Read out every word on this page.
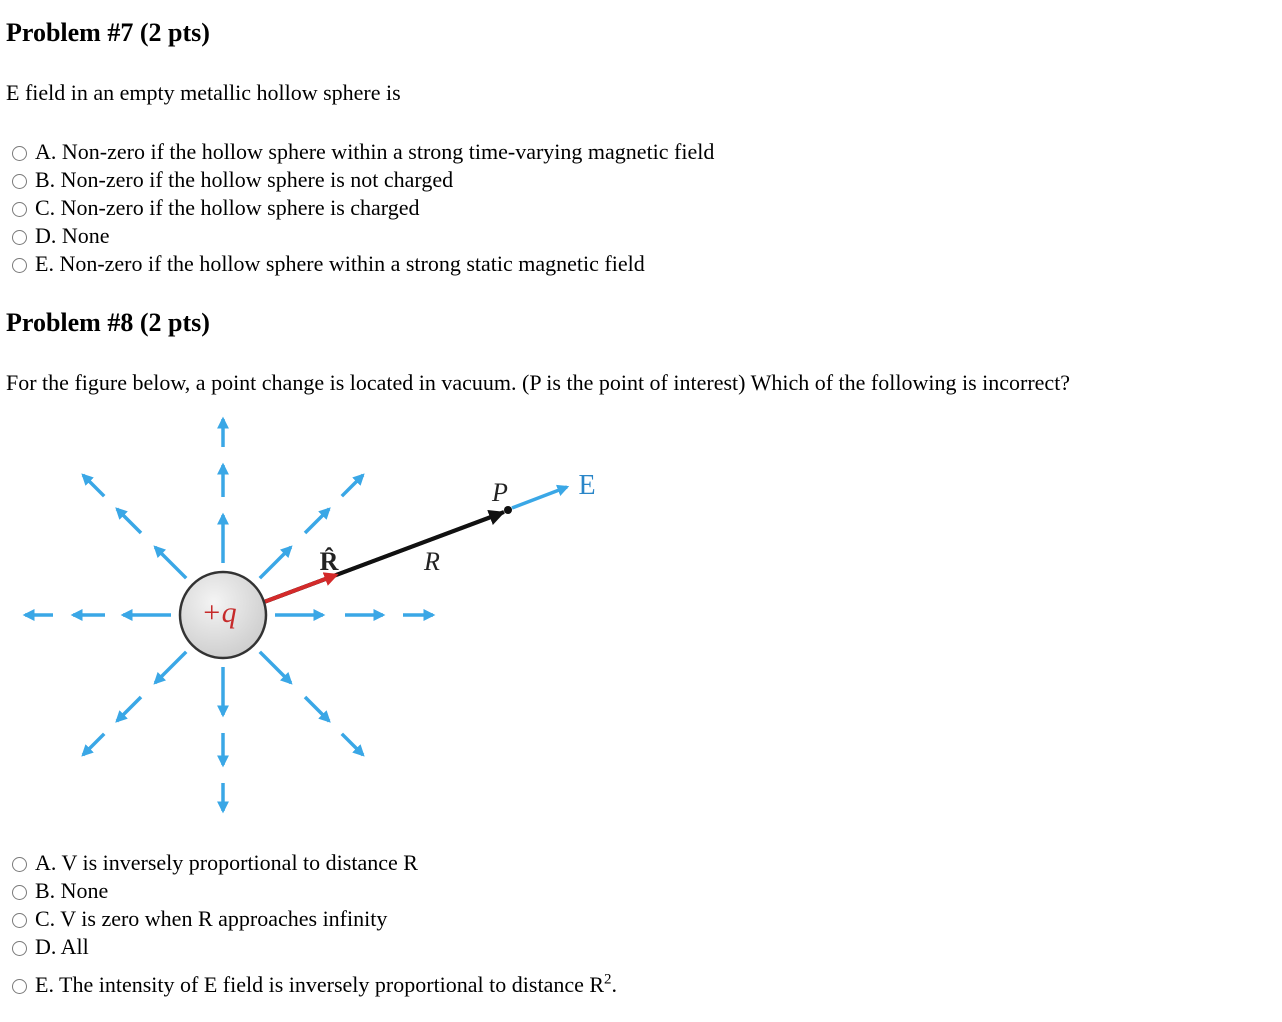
Problem #7 (2 pts)

E field in an empty metallic hollow sphere is

A. Non-zero if the hollow sphere within a strong time-varying magnetic field
B. Non-zero if the hollow sphere is not charged
C. Non-zero if the hollow sphere is charged
D. None
E. Non-zero if the hollow sphere within a strong static magnetic field
Problem #8 (2 pts)

For the figure below, a point change is located in vacuum. (P is the point of interest) Which of the following is incorrect?

+q
P	E
R̂	R
A. V is inversely proportional to distance R
B. None
C. V is zero when R approaches infinity
D. All
E. The intensity of E field is inversely proportional to distance $R^2$.
